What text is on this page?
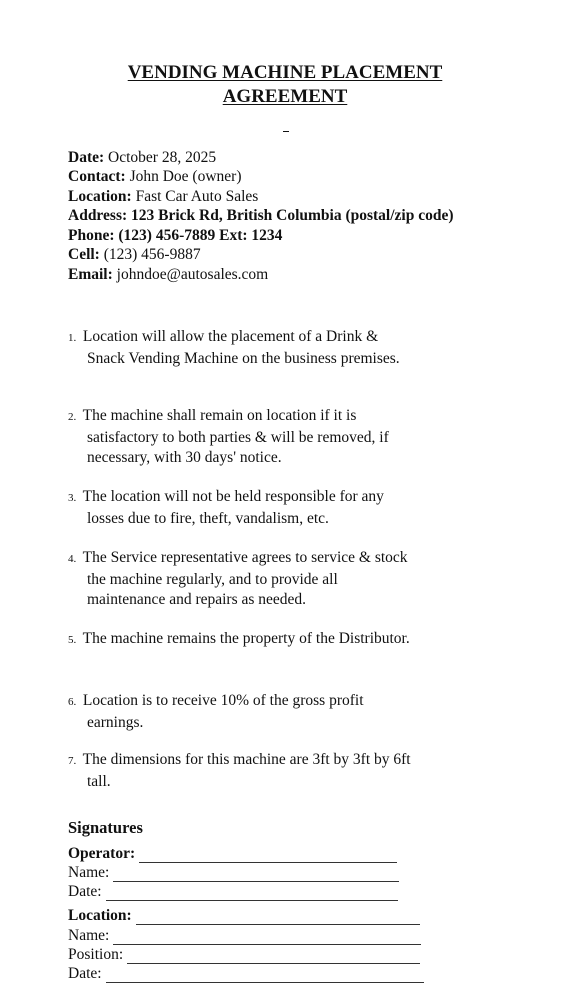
VENDING MACHINE PLACEMENT
AGREEMENT
Date: October 28, 2025
Contact: John Doe (owner)
Location: Fast Car Auto Sales
Address: 123 Brick Rd, British Columbia (postal/zip code)
Phone: (123) 456-7889 Ext: 1234
Cell: (123) 456-9887
Email: johndoe@autosales.com
1. Location will allow the placement of a Drink &
Snack Vending Machine on the business premises.
2. The machine shall remain on location if it is
satisfactory to both parties & will be removed, if
necessary, with 30 days' notice.
3. The location will not be held responsible for any
losses due to fire, theft, vandalism, etc.
4. The Service representative agrees to service & stock
the machine regularly, and to provide all
maintenance and repairs as needed.
5. The machine remains the property of the Distributor.
6. Location is to receive 10% of the gross profit
earnings.
7. The dimensions for this machine are 3ft by 3ft by 6ft
tall.
Signatures
Operator:
Name:
Date:
Location:
Name:
Position:
Date:
